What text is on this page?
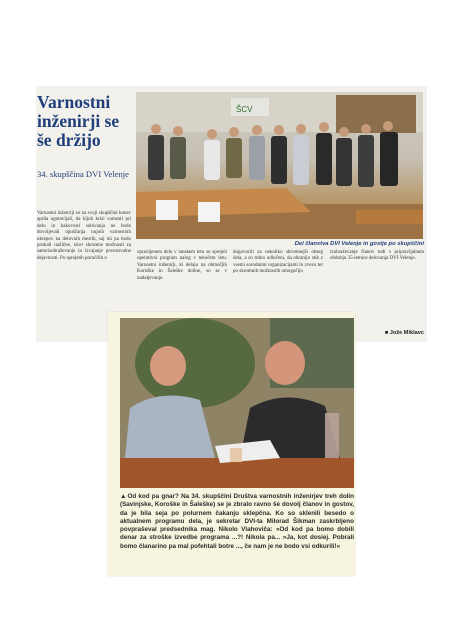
Varnostni inženirji se še držijo
34. skupščina DVI Velenje
ŠCV
Del članstva DVI Velenje in gostje po skupščini
Varnostni inženirji so na svoji skupščini konec aprila ugotavljali, da kljub krizi varnosti pri delu in kakovosti sobivanja ne bodo dovoljevali opuščanja nujnih varnostnih ukrepov na delovnih mestih, saj mi pa bodo poskali različne, sicer skromne možnosti za samoizobraževanje in izvajanje povezovalne dejavnosti. Po sprejetih poročilih o
opravljenem delu v lanskem letu so sprejeli operativni program nalog v tekočem letu. Varnostni inženirji, ki delajo na območjih Koroške in Šaleške doline, so se v nadaljevanju
dogovorili za nekoliko skromnejši obseg dela, a so trdno odločeni, da ohranijo stik z vsemi sorodnimi organizacijami in zvezo ter po skromnih možnostih omogočijo
izobraževanje članov tudi v pripravljalnem obdobju 35-letnice delovanja DVI Velenje.
■ Jože Miklavc
▲Od kod pa gnar? Na 34. skupščini Društva varnostnih inženirjev treh dolin (Savinjske, Koroške in Šaleške) se je zbralo ravno še dovolj članov in gostov, da je bila seja po polurnem čakanju sklepčna. Ko so sklenili besedo o aktualnem programu dela, je sekretar DVI-ta Milorad Šikman zaskrbljeno povpraševal predsednika mag. Nikolo Vlahoviča: »Od kod pa bomo dobili denar za stroške izvedbe programa ...?! Nikola pa... »Ja, kot dosiej. Pobrali bomo članarino pa mal pofehtali botre ..., če nam je ne bodo vsi odkurili!«
